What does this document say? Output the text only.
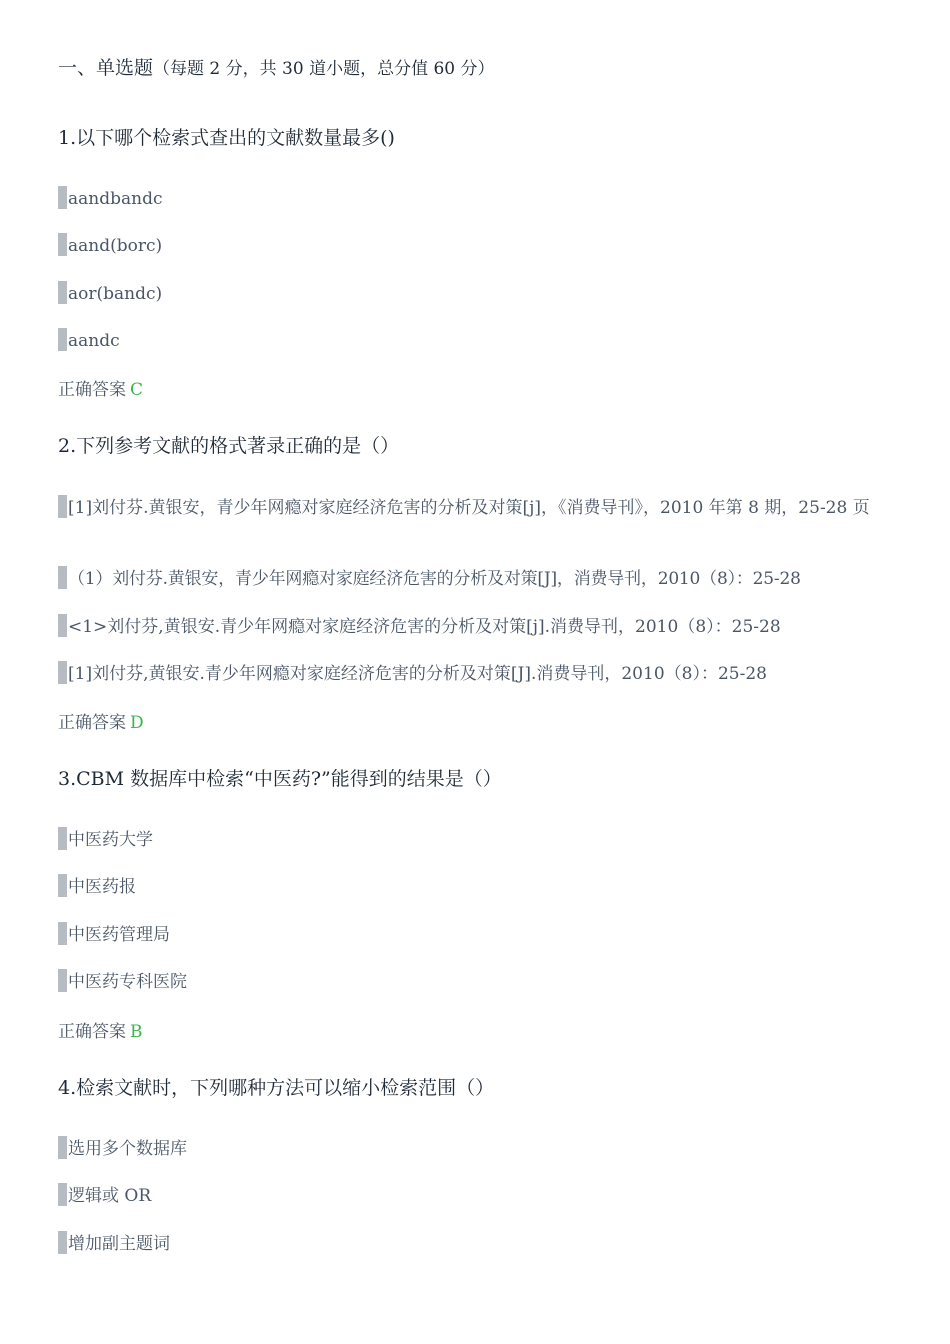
一、单选题（每题 2 分，共 30 道小题，总分值 60 分）
1.以下哪个检索式查出的文献数量最多()
aandbandc
aand(borc)
aor(bandc)
aandc
正确答案 C
2.下列参考文献的格式著录正确的是（）
[1]刘付芬.黄银安，青少年网瘾对家庭经济危害的分析及对策[j]，《消费导刊》，2010 年第 8 期，25-28 页
（1）刘付芬.黄银安，青少年网瘾对家庭经济危害的分析及对策[J]，消费导刊，2010（8）：25-28
<1>刘付芬,黄银安.青少年网瘾对家庭经济危害的分析及对策[j].消费导刊，2010（8）：25-28
[1]刘付芬,黄银安.青少年网瘾对家庭经济危害的分析及对策[J].消费导刊，2010（8）：25-28
正确答案 D
3.CBM 数据库中检索“中医药?”能得到的结果是（）
中医药大学
中医药报
中医药管理局
中医药专科医院
正确答案 B
4.检索文献时，下列哪种方法可以缩小检索范围（）
选用多个数据库
逻辑或 OR
增加副主题词
